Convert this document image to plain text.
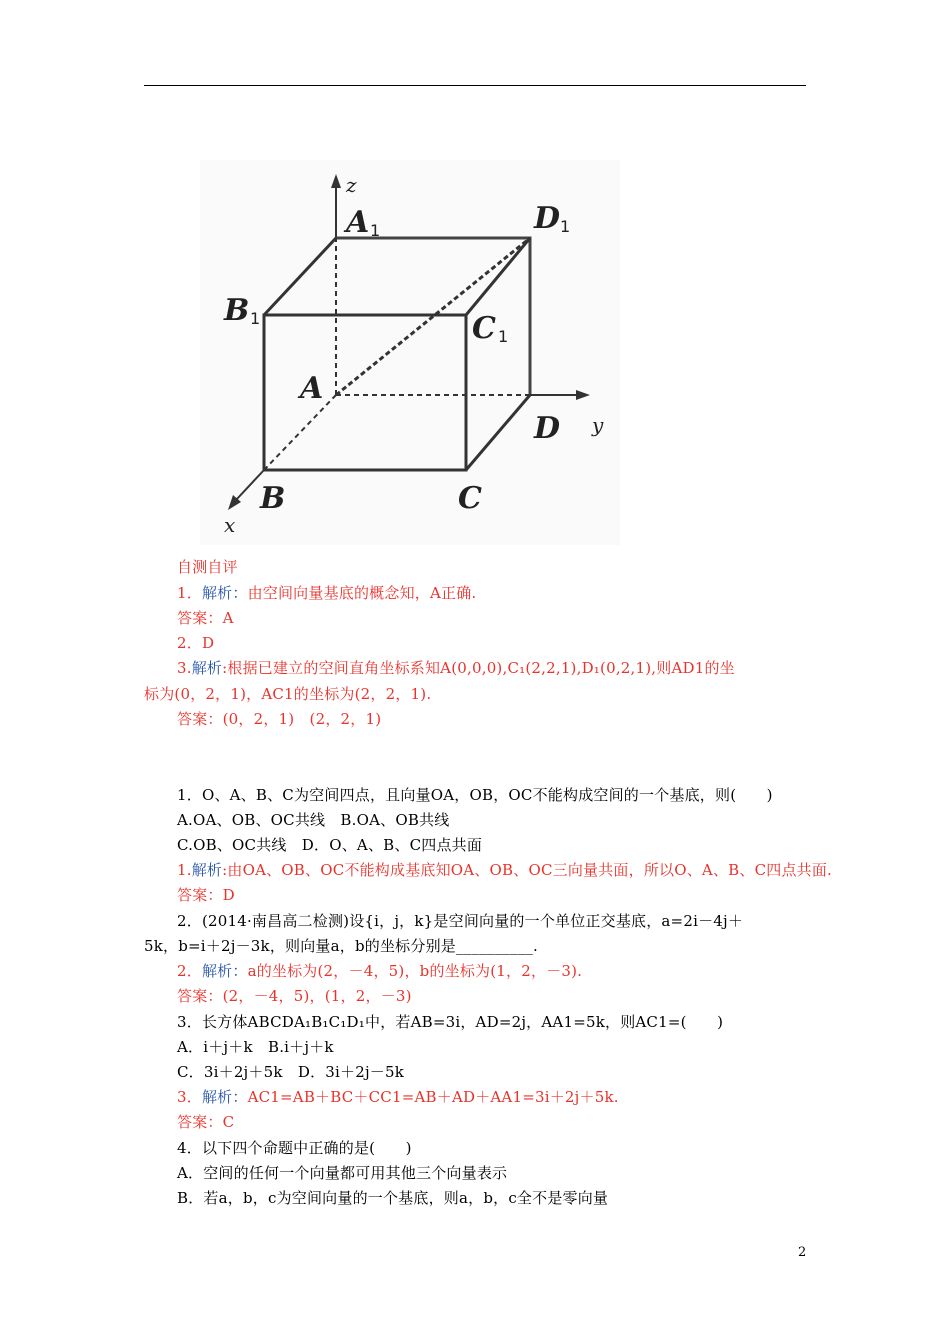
z
y
x
A 1	D 1
B 1	C 1
A
D
B	C
自测自评
1．解析：由空间向量基底的概念知，A正确.
答案：A
2．D
3.解析:根据已建立的空间直角坐标系知A(0,0,0),C₁(2,2,1),D₁(0,2,1),则AD1的坐
标为(0，2，1)，AC1的坐标为(2，2，1).
答案：(0，2，1)　(2，2，1)
1．O、A、B、C为空间四点，且向量OA，OB，OC不能构成空间的一个基底，则(　　)
A.OA、OB、OC共线　B.OA、OB共线
C.OB、OC共线　D．O、A、B、C四点共面
1.解析:由OA、OB、OC不能构成基底知OA、OB、OC三向量共面，所以O、A、B、C四点共面.
答案：D
2．(2014·南昌高二检测)设{i，j，k}是空间向量的一个单位正交基底，a=2i－4j＋
5k，b=i＋2j－3k，则向量a，b的坐标分别是__________.
2．解析：a的坐标为(2，－4，5)，b的坐标为(1，2，－3).
答案：(2，－4，5)，(1，2，－3)
3．长方体ABCDA₁B₁C₁D₁中，若AB=3i，AD=2j，AA1=5k，则AC1=(　　)
A．i＋j＋k　B.i＋j＋k
C．3i＋2j＋5k　D．3i＋2j－5k
3．解析：AC1=AB＋BC＋CC1=AB＋AD＋AA1=3i＋2j＋5k.
答案：C
4．以下四个命题中正确的是(　　)
A．空间的任何一个向量都可用其他三个向量表示
B．若a，b，c为空间向量的一个基底，则a，b，c全不是零向量
2
